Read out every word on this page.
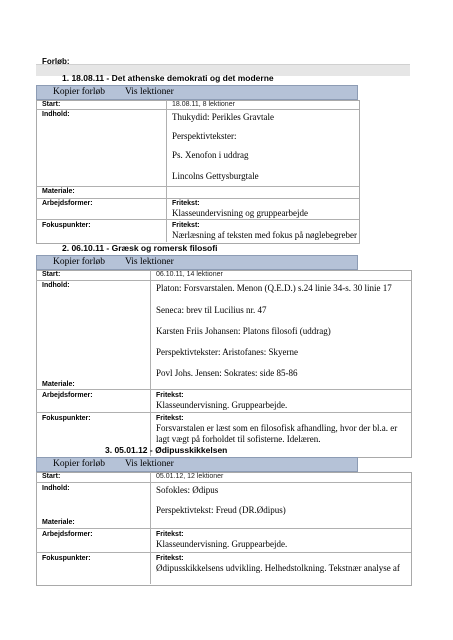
Forløb:
1. 18.08.11 - Det athenske demokrati og det moderne
Kopier forløb Vis lektioner
Start:	18.08.11, 8 lektioner
Indhold:	Thukydid: Perikles Gravtale
Perspektivtekster:
Ps. Xenofon i uddrag
Lincolns Gettysburgtale
Materiale:
Arbejdsformer:	Fritekst:
Klasseundervisning og gruppearbejde
Fokuspunkter:	Fritekst:
Nærlæsning af teksten med fokus på nøglebegreber
2. 06.10.11 - Græsk og romersk filosofi
Kopier forløb Vis lektioner
Start:	06.10.11, 14 lektioner
Indhold:	Platon: Forsvarstalen. Menon (Q.E.D.) s.24 linie 34-s. 30 linie 17
Seneca: brev til Lucilius nr. 47
Karsten Friis Johansen: Platons filosofi (uddrag)
Perspektivtekster: Aristofanes: Skyerne
Povl Johs. Jensen: Sokrates: side 85-86
Materiale:
Arbejdsformer:	Fritekst:
Klasseundervisning. Gruppearbejde.
Fokuspunkter:	Fritekst:
Forsvarstalen er læst som en filosofisk afhandling, hvor der bl.a. er
lagt vægt på forholdet til sofisterne. Idelæren.
3. 05.01.12 - Ødipusskikkelsen
Kopier forløb Vis lektioner
Start:	05.01.12, 12 lektioner
Indhold:	Sofokles: Ødipus
Perspektivtekst: Freud (DR.Ødipus)
Materiale:
Arbejdsformer:	Fritekst:
Klasseundervisning. Gruppearbejde.
Fokuspunkter:	Fritekst:
Ødipusskikkelsens udvikling. Helhedstolkning. Tekstnær analyse af
